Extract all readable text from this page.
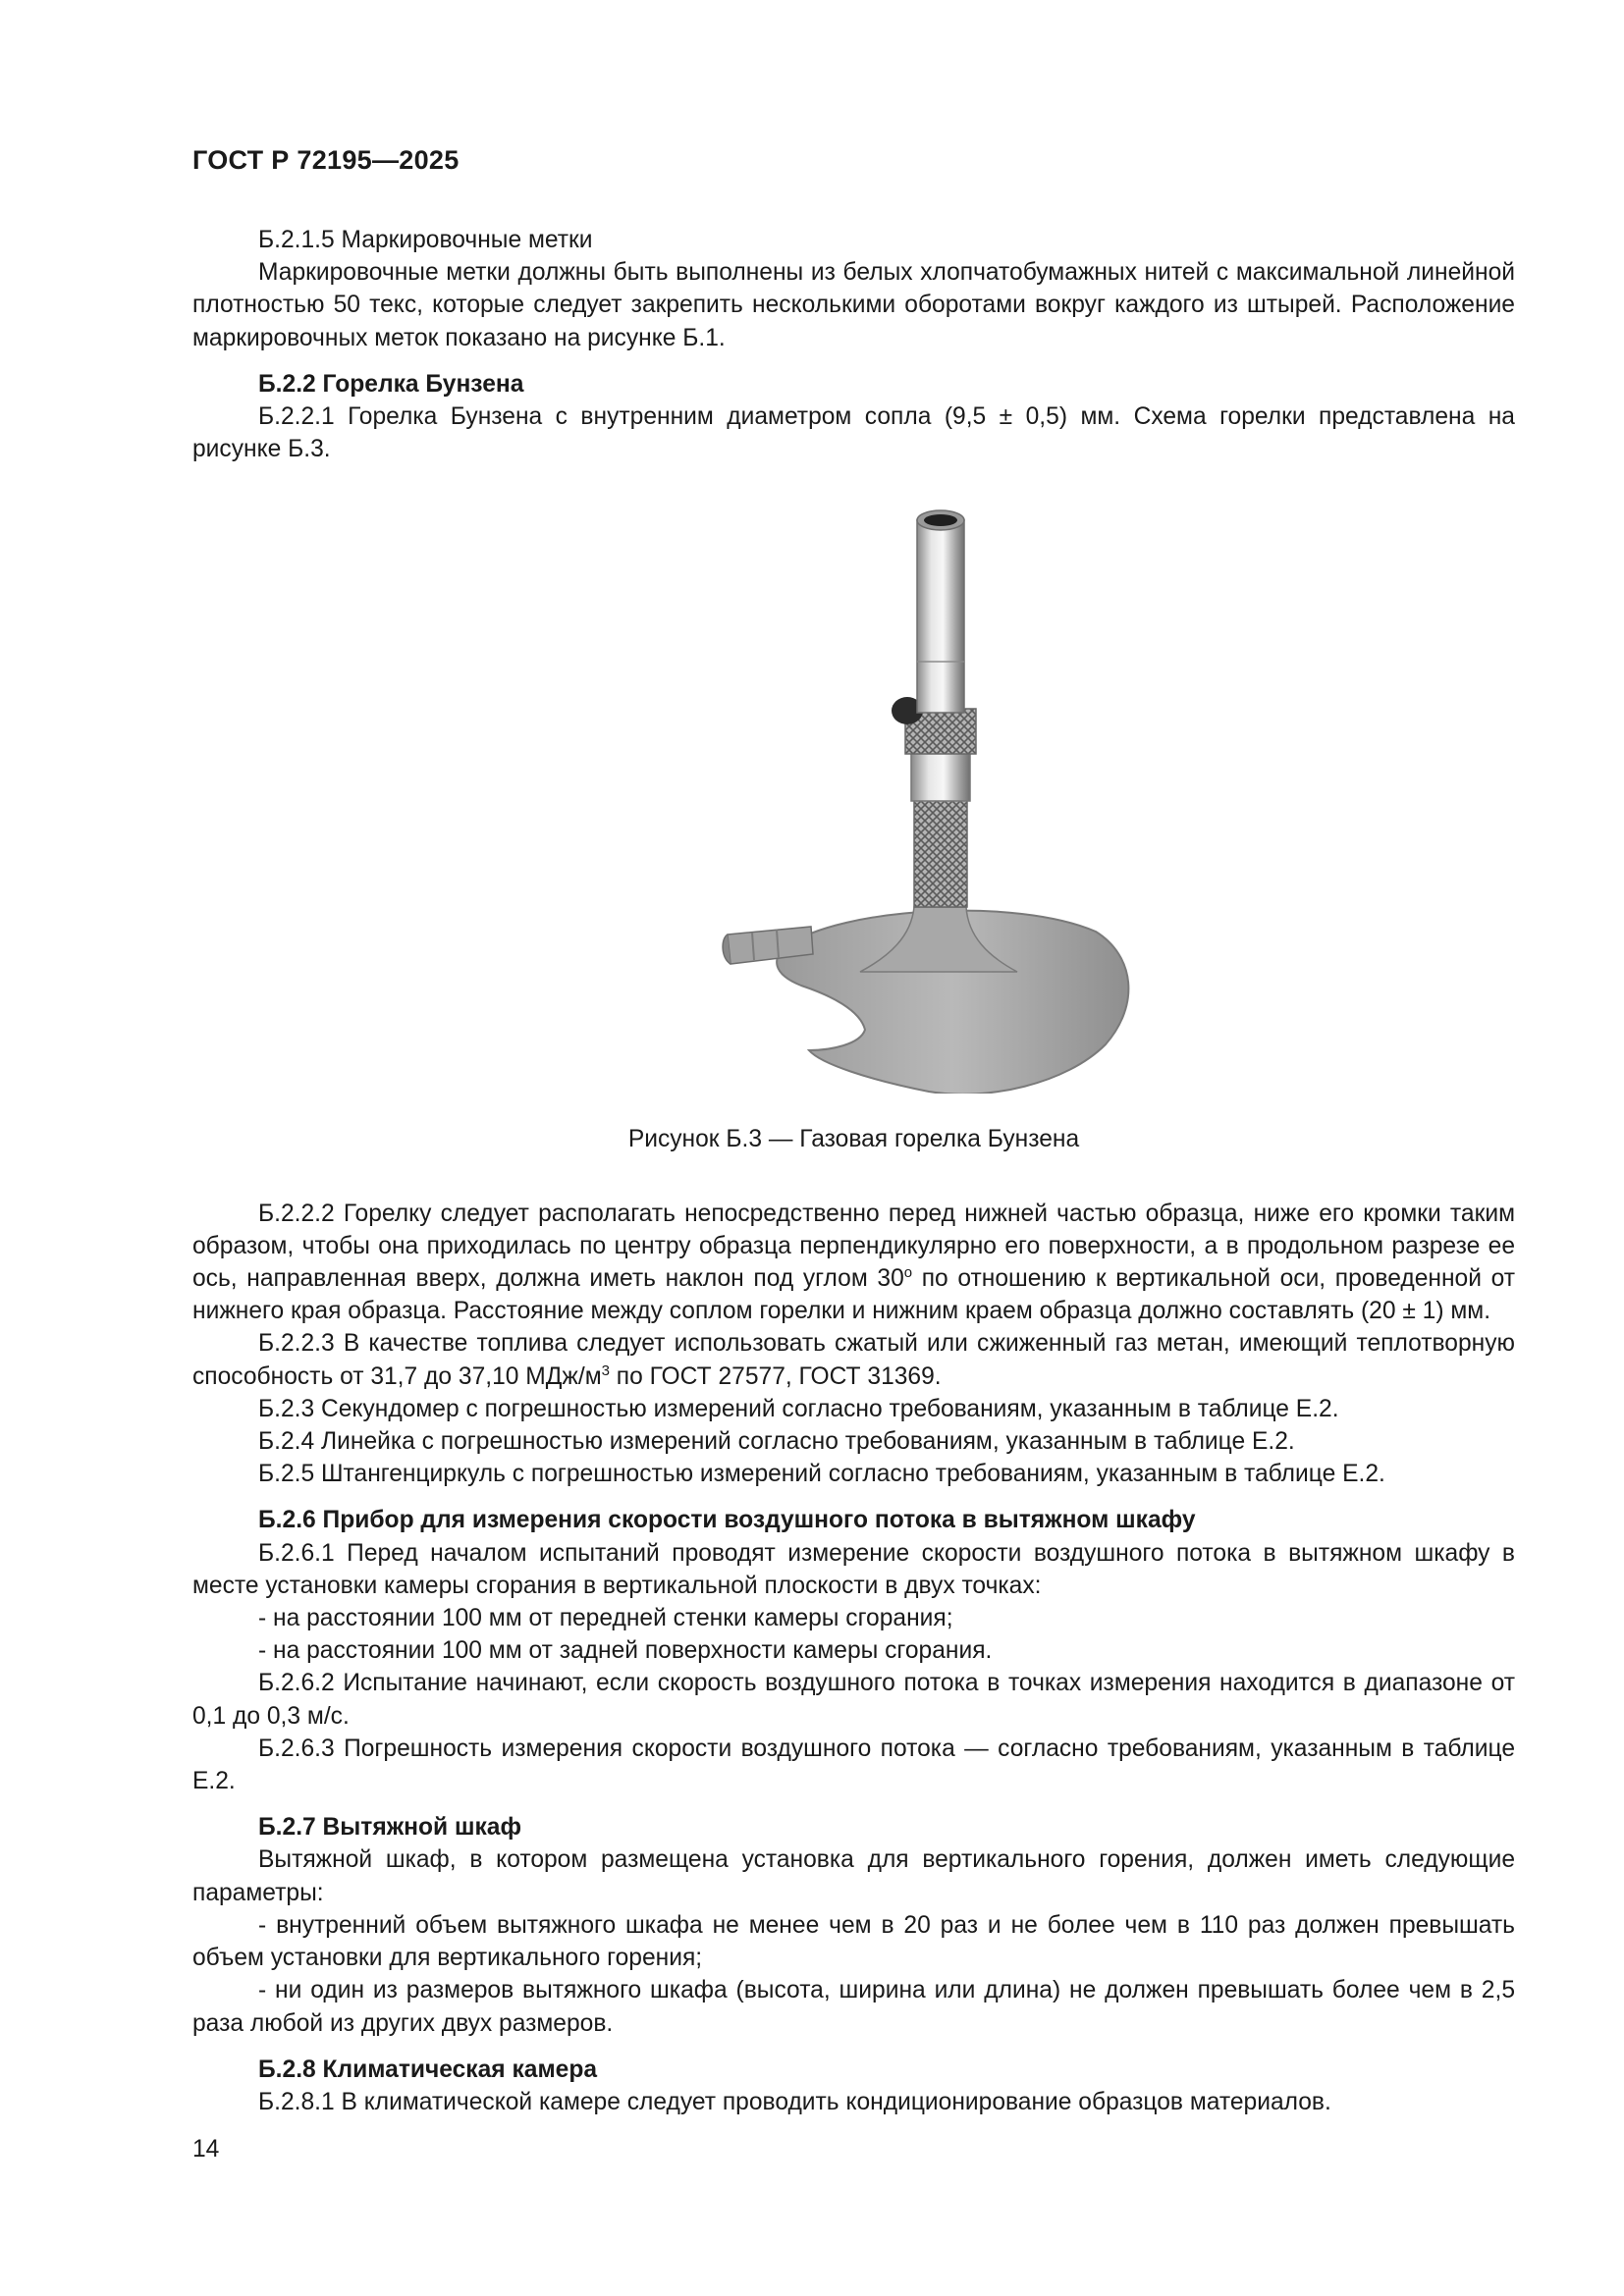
ГОСТ Р 72195—2025

Б.2.1.5 Маркировочные метки

Маркировочные метки должны быть выполнены из белых хлопчатобумажных нитей с максимальной линейной плотностью 50 текс, которые следует закрепить несколькими оборотами вокруг каждого из штырей. Расположение маркировочных меток показано на рисунке Б.1.

Б.2.2 Горелка Бунзена

Б.2.2.1 Горелка Бунзена с внутренним диаметром сопла (9,5 ± 0,5) мм. Схема горелки представлена на рисунке Б.3.

Рисунок Б.3 — Газовая горелка Бунзена

Б.2.2.2 Горелку следует располагать непосредственно перед нижней частью образца, ниже его кромки таким образом, чтобы она приходилась по центру образца перпендикулярно его поверхности, а в продольном разрезе ее ось, направленная вверх, должна иметь наклон под углом $30^о$ по отношению к вертикальной оси, проведенной от нижнего края образца. Расстояние между соплом горелки и нижним краем образца должно составлять (20 ± 1) мм.

Б.2.2.3 В качестве топлива следует использовать сжатый или сжиженный газ метан, имеющий теплотворную способность от 31,7 до 37,10 МДж/$м^3$ по ГОСТ 27577, ГОСТ 31369.

Б.2.3 Секундомер с погрешностью измерений согласно требованиям, указанным в таблице Е.2.

Б.2.4 Линейка с погрешностью измерений согласно требованиям, указанным в таблице Е.2.

Б.2.5 Штангенциркуль с погрешностью измерений согласно требованиям, указанным в таблице Е.2.

Б.2.6 Прибор для измерения скорости воздушного потока в вытяжном шкафу

Б.2.6.1 Перед началом испытаний проводят измерение скорости воздушного потока в вытяжном шкафу в месте установки камеры сгорания в вертикальной плоскости в двух точках:

- на расстоянии 100 мм от передней стенки камеры сгорания;

- на расстоянии 100 мм от задней поверхности камеры сгорания.

Б.2.6.2 Испытание начинают, если скорость воздушного потока в точках измерения находится в диапазоне от 0,1 до 0,3 м/с.

Б.2.6.3 Погрешность измерения скорости воздушного потока — согласно требованиям, указанным в таблице Е.2.

Б.2.7 Вытяжной шкаф

Вытяжной шкаф, в котором размещена установка для вертикального горения, должен иметь следующие параметры:

- внутренний объем вытяжного шкафа не менее чем в 20 раз и не более чем в 110 раз должен превышать объем установки для вертикального горения;

- ни один из размеров вытяжного шкафа (высота, ширина или длина) не должен превышать более чем в 2,5 раза любой из других двух размеров.

Б.2.8 Климатическая камера

Б.2.8.1 В климатической камере следует проводить кондиционирование образцов материалов.

14
